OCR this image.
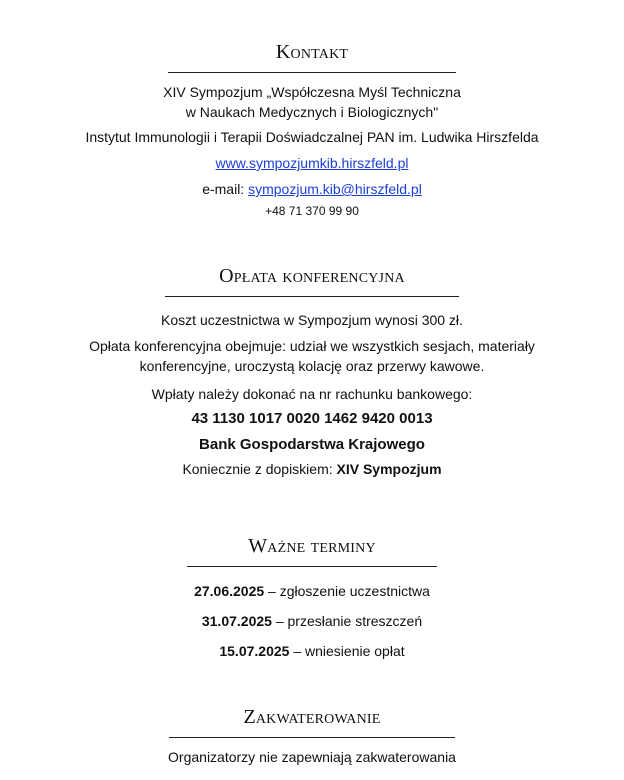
Kontakt

XIV Sympozjum „Współczesna Myśl Techniczna

w Naukach Medycznych i Biologicznych"

Instytut Immunologii i Terapii Doświadczalnej PAN im. Ludwika Hirszfelda

www.sympozjumkib.hirszfeld.pl

e-mail: sympozjum.kib@hirszfeld.pl

+48 71 370 99 90

Opłata konferencyjna

Koszt uczestnictwa w Sympozjum wynosi 300 zł.

Opłata konferencyjna obejmuje: udział we wszystkich sesjach, materiały

konferencyjne, uroczystą kolację oraz przerwy kawowe.

Wpłaty należy dokonać na nr rachunku bankowego:

43 1130 1017 0020 1462 9420 0013

Bank Gospodarstwa Krajowego

Koniecznie z dopiskiem: XIV Sympozjum

Ważne terminy

27.06.2025 – zgłoszenie uczestnictwa

31.07.2025 – przesłanie streszczeń

15.07.2025 – wniesienie opłat

Zakwaterowanie

Organizatorzy nie zapewniają zakwaterowania
